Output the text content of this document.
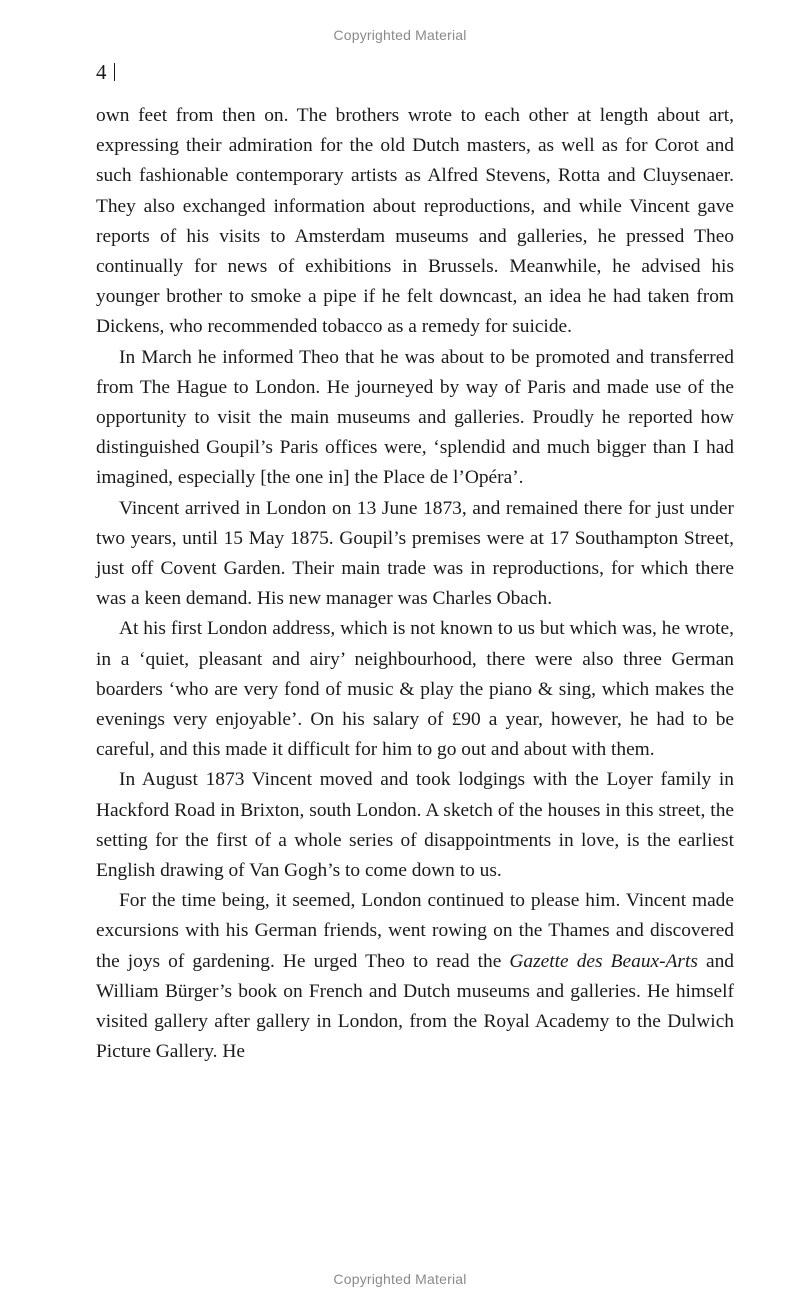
Copyrighted Material
4

own feet from then on. The brothers wrote to each other at length about art, expressing their admiration for the old Dutch masters, as well as for Corot and such fashionable contemporary artists as Alfred Stevens, Rotta and Cluysenaer. They also exchanged information about reproductions, and while Vincent gave reports of his visits to Amsterdam museums and galleries, he pressed Theo continually for news of exhibitions in Brussels. Meanwhile, he advised his younger brother to smoke a pipe if he felt downcast, an idea he had taken from Dickens, who recommended tobacco as a remedy for suicide.

In March he informed Theo that he was about to be promoted and transferred from The Hague to London. He journeyed by way of Paris and made use of the opportunity to visit the main museums and galleries. Proudly he reported how distinguished Goupil’s Paris offices were, ‘splendid and much bigger than I had imagined, especially [the one in] the Place de l’Opéra’.

Vincent arrived in London on 13 June 1873, and remained there for just under two years, until 15 May 1875. Goupil’s premises were at 17 Southampton Street, just off Covent Garden. Their main trade was in reproductions, for which there was a keen demand. His new manager was Charles Obach.

At his first London address, which is not known to us but which was, he wrote, in a ‘quiet, pleasant and airy’ neighbourhood, there were also three German boarders ‘who are very fond of music & play the piano & sing, which makes the evenings very enjoyable’. On his salary of £90 a year, however, he had to be careful, and this made it difficult for him to go out and about with them.

In August 1873 Vincent moved and took lodgings with the Loyer family in Hackford Road in Brixton, south London. A sketch of the houses in this street, the setting for the first of a whole series of disappointments in love, is the earliest English drawing of Van Gogh’s to come down to us.

For the time being, it seemed, London continued to please him. Vincent made excursions with his German friends, went rowing on the Thames and discovered the joys of gardening. He urged Theo to read the Gazette des Beaux-Arts and William Bürger’s book on French and Dutch museums and galleries. He himself visited gallery after gallery in London, from the Royal Academy to the Dulwich Picture Gallery. He

Copyrighted Material
